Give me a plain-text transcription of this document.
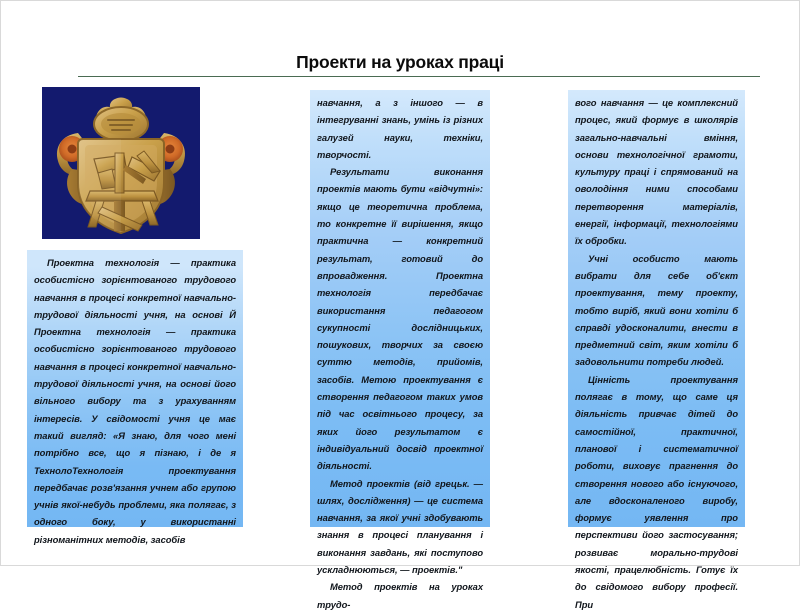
Проекти на уроках праці

Проектна технологія — практика особистісно зорієнтованого трудового навчання в процесі конкретної навчально-трудової діяльності учня, на основі Й Проектна технологія — практика особистісно зорієнтованого трудового навчання в процесі конкретної навчально-трудової діяльності учня, на основі його вільного вибору та з урахуванням інтересів. У свідомості учня це має такий вигляд: «Я знаю, для чого мені потрібно все, що я пізнаю, і де я ТехнолоТехнологія проектування передбачає розв'язання учнем або групою учнів якої-небудь проблеми, яка полягає, з одного боку, у використанні різноманітних методів, засобів

навчання, а з іншого — в інтегруванні знань, умінь із різних галузей науки, техніки, творчості.

Результати виконання проектів мають бути «відчутні»: якщо це теоретична проблема, то конкретне її вирішення, якщо практична — конкретний результат, готовий до впровадження. Проектна технологія передбачає використання педагогом сукупності дослідницьких, пошукових, творчих за своєю суттю методів, прийомів, засобів. Метою проектування є створення педагогом таких умов під час освітнього процесу, за яких його результатом є індивідуальний досвід проектної діяльності.

Метод проектів (від грецьк. — шлях, дослідження) — це система навчання, за якої учні здобувають знання в процесі планування і виконання завдань, які поступово ускладнюються, — проектів."

Метод проектів на уроках трудо-

вого навчання — це комплексний процес, який формує в школярів загально-навчальні вміння, основи технологічної грамоти, культуру праці і спрямований на оволодіння ними способами перетворення матеріалів, енергії, інформації, технологіями їх обробки.

Учні особисто мають вибрати для себе об'єкт проектування, тему проекту, тобто виріб, який вони хотіли б справді удосконалити, внести в предметний світ, яким хотіли б задовольнити потреби людей.

Цінність проектування полягає в тому, що саме ця діяльність привчає дітей до самостійної, практичної, планової і систематичної роботи, виховує прагнення до створення нового або існуючого, але вдосконаленого виробу, формує уявлення про перспективи його застосування; розвиває морально-трудові якості, працелюбність. Готує їх до свідомого вибору професії. При
